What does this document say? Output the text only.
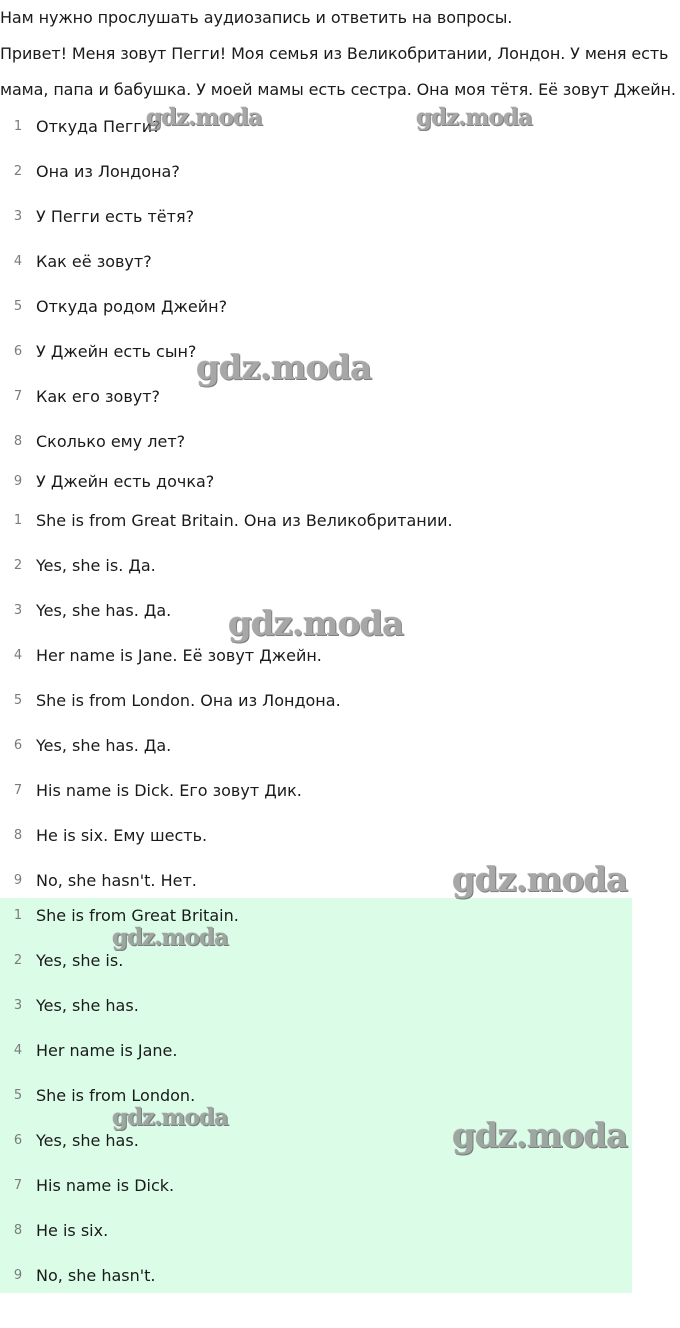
Нам нужно прослушать аудиозапись и ответить на вопросы.

Привет! Меня зовут Пегги! Моя семья из Великобритании, Лондон. У меня есть

мама, папа и бабушка. У моей мамы есть сестра. Она моя тётя. Её зовут Джейн.

1 Откуда Пегги?
2 Она из Лондона?
3 У Пегги есть тётя?
4 Как её зовут?
5 Откуда родом Джейн?
6 У Джейн есть сын?
7 Как его зовут?
8 Сколько ему лет?
9 У Джейн есть дочка?
1 She is from Great Britain. Она из Великобритании.
2 Yes, she is. Да.
3 Yes, she has. Да.
4 Her name is Jane. Её зовут Джейн.
5 She is from London. Она из Лондона.
6 Yes, she has. Да.
7 His name is Dick. Его зовут Дик.
8 He is six. Ему шесть.
9 No, she hasn't. Нет.
1 She is from Great Britain.
2 Yes, she is.
3 Yes, she has.
4 Her name is Jane.
5 She is from London.
6 Yes, she has.
7 His name is Dick.
8 He is six.
9 No, she hasn't.
gdz.moda	gdz.moda
gdz.moda
gdz.moda
gdz.moda
gdz.moda
gdz.moda	gdz.moda
